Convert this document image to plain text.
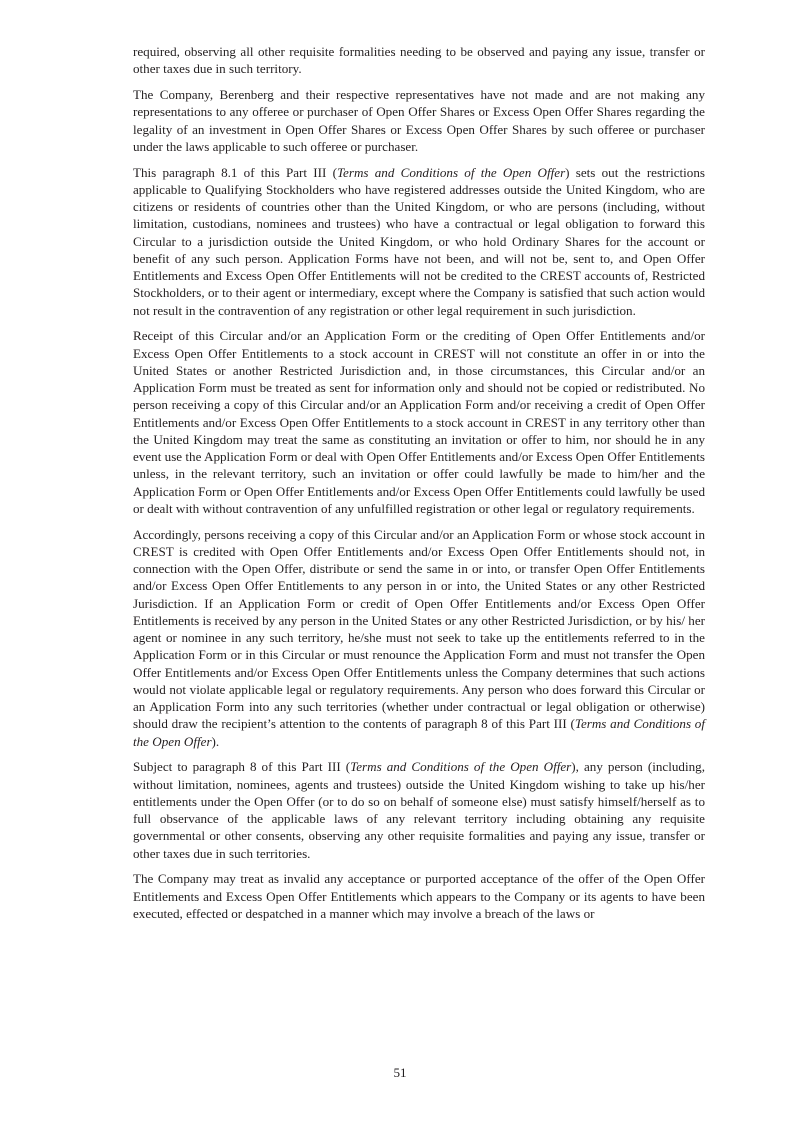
required, observing all other requisite formalities needing to be observed and paying any issue, transfer or other taxes due in such territory.

The Company, Berenberg and their respective representatives have not made and are not making any representations to any offeree or purchaser of Open Offer Shares or Excess Open Offer Shares regarding the legality of an investment in Open Offer Shares or Excess Open Offer Shares by such offeree or purchaser under the laws applicable to such offeree or purchaser.

This paragraph 8.1 of this Part III (Terms and Conditions of the Open Offer) sets out the restrictions applicable to Qualifying Stockholders who have registered addresses outside the United Kingdom, who are citizens or residents of countries other than the United Kingdom, or who are persons (including, without limitation, custodians, nominees and trustees) who have a contractual or legal obligation to forward this Circular to a jurisdiction outside the United Kingdom, or who hold Ordinary Shares for the account or benefit of any such person. Application Forms have not been, and will not be, sent to, and Open Offer Entitlements and Excess Open Offer Entitlements will not be credited to the CREST accounts of, Restricted Stockholders, or to their agent or intermediary, except where the Company is satisfied that such action would not result in the contravention of any registration or other legal requirement in such jurisdiction.

Receipt of this Circular and/or an Application Form or the crediting of Open Offer Entitlements and/or Excess Open Offer Entitlements to a stock account in CREST will not constitute an offer in or into the United States or another Restricted Jurisdiction and, in those circumstances, this Circular and/or an Application Form must be treated as sent for information only and should not be copied or redistributed. No person receiving a copy of this Circular and/or an Application Form and/or receiving a credit of Open Offer Entitlements and/or Excess Open Offer Entitlements to a stock account in CREST in any territory other than the United Kingdom may treat the same as constituting an invitation or offer to him, nor should he in any event use the Application Form or deal with Open Offer Entitlements and/or Excess Open Offer Entitlements unless, in the relevant territory, such an invitation or offer could lawfully be made to him/her and the Application Form or Open Offer Entitlements and/or Excess Open Offer Entitlements could lawfully be used or dealt with without contravention of any unfulfilled registration or other legal or regulatory requirements.

Accordingly, persons receiving a copy of this Circular and/or an Application Form or whose stock account in CREST is credited with Open Offer Entitlements and/or Excess Open Offer Entitlements should not, in connection with the Open Offer, distribute or send the same in or into, or transfer Open Offer Entitlements and/or Excess Open Offer Entitlements to any person in or into, the United States or any other Restricted Jurisdiction. If an Application Form or credit of Open Offer Entitlements and/or Excess Open Offer Entitlements is received by any person in the United States or any other Restricted Jurisdiction, or by his/ her agent or nominee in any such territory, he/she must not seek to take up the entitlements referred to in the Application Form or in this Circular or must renounce the Application Form and must not transfer the Open Offer Entitlements and/or Excess Open Offer Entitlements unless the Company determines that such actions would not violate applicable legal or regulatory requirements. Any person who does forward this Circular or an Application Form into any such territories (whether under contractual or legal obligation or otherwise) should draw the recipient’s attention to the contents of paragraph 8 of this Part III (Terms and Conditions of the Open Offer).

Subject to paragraph 8 of this Part III (Terms and Conditions of the Open Offer), any person (including, without limitation, nominees, agents and trustees) outside the United Kingdom wishing to take up his/her entitlements under the Open Offer (or to do so on behalf of someone else) must satisfy himself/herself as to full observance of the applicable laws of any relevant territory including obtaining any requisite governmental or other consents, observing any other requisite formalities and paying any issue, transfer or other taxes due in such territories.

The Company may treat as invalid any acceptance or purported acceptance of the offer of the Open Offer Entitlements and Excess Open Offer Entitlements which appears to the Company or its agents to have been executed, effected or despatched in a manner which may involve a breach of the laws or

51
